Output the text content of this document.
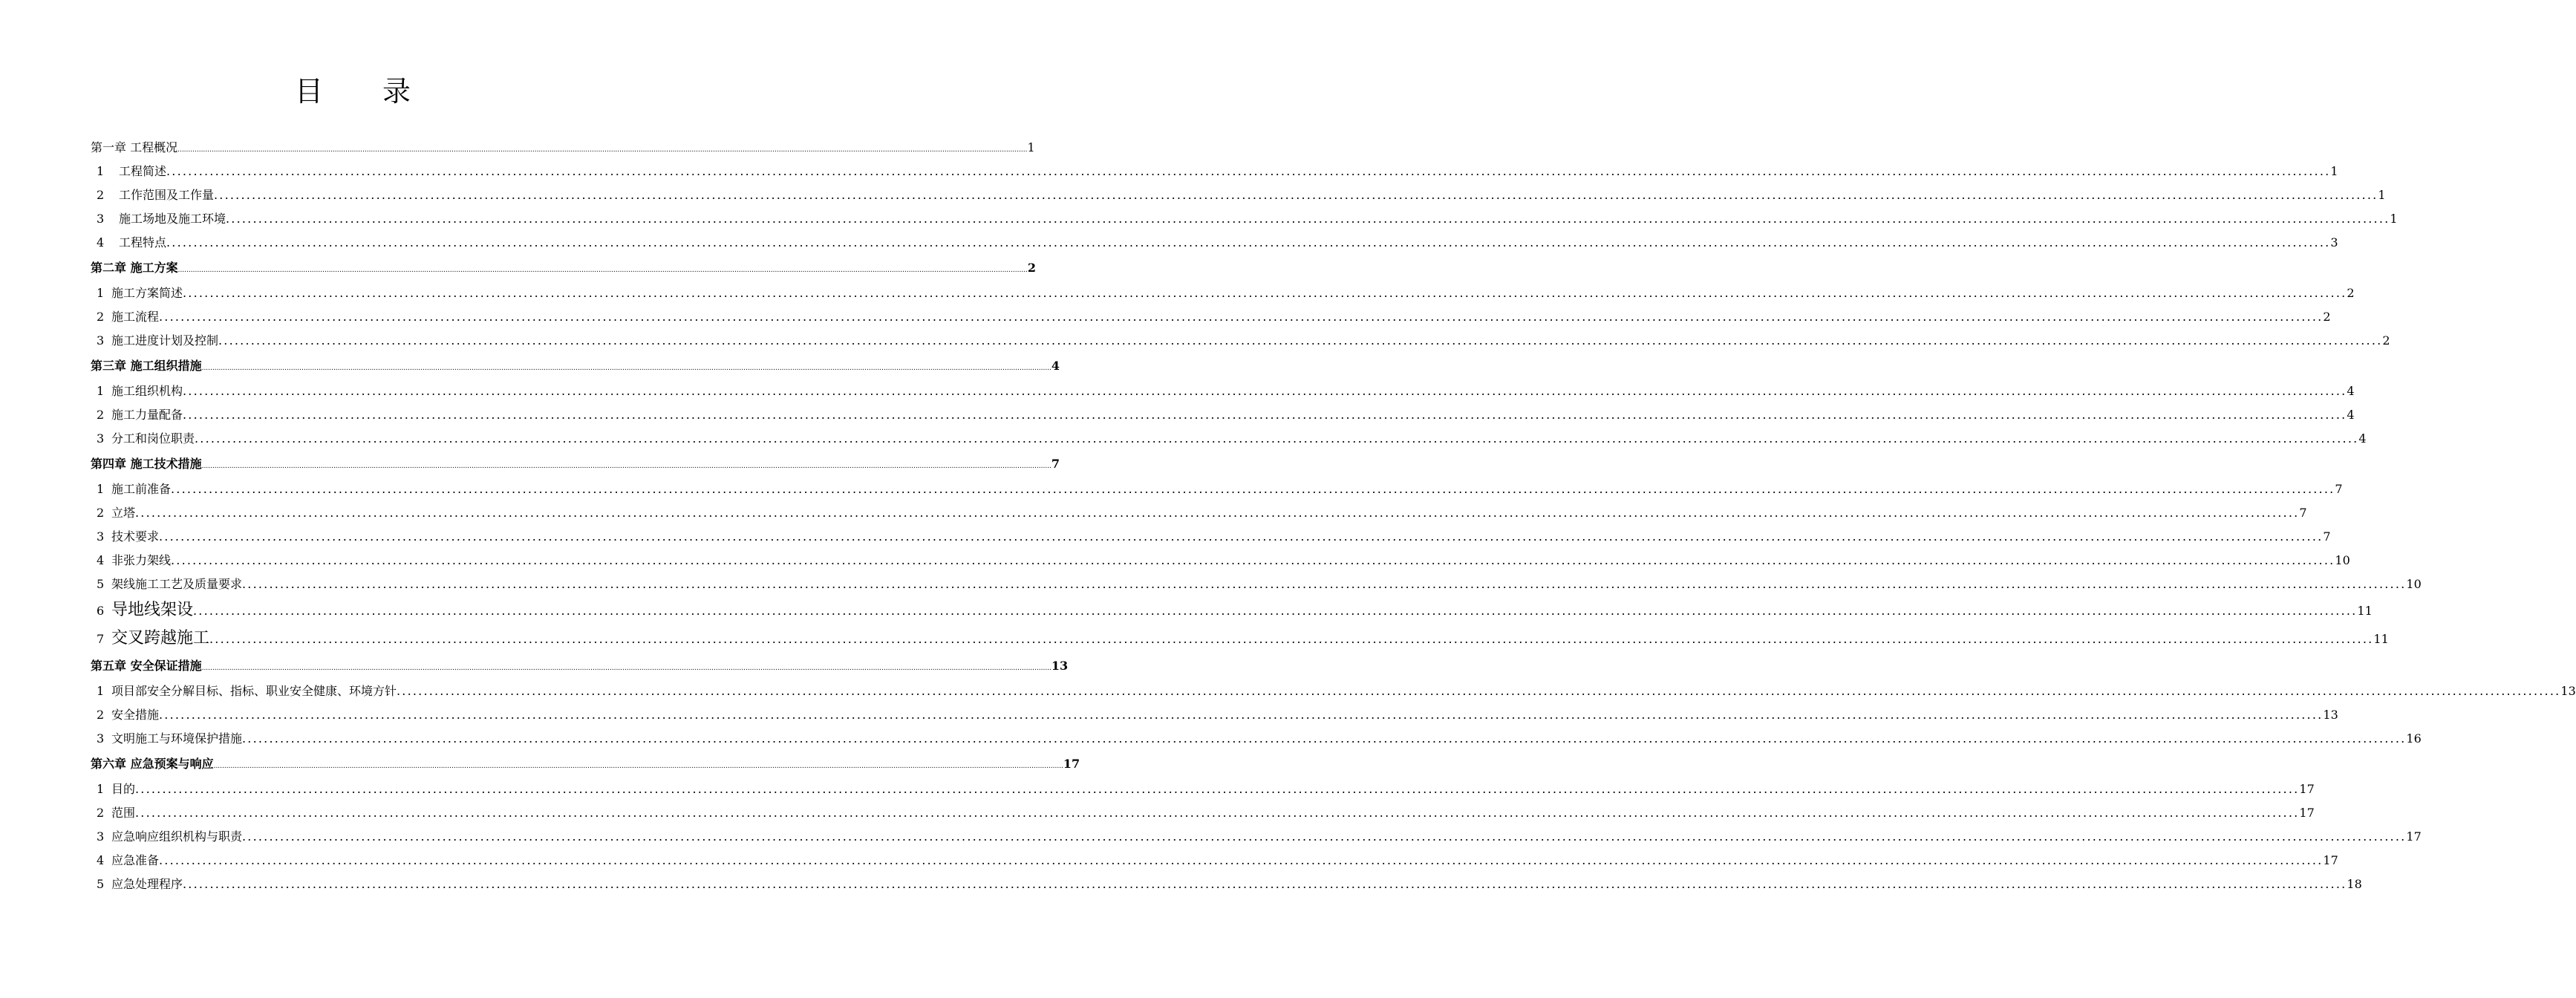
目 录
第一章 工程概况 ................................................................................................................................................................................................................................................................................................................................................................................................................ 1
1 工程简述 ................................................................................................................................................................................................................................................................................................................................................................................................................ 1
2 工作范围及工作量 ................................................................................................................................................................................................................................................................................................................................................................................................................ 1
3 施工场地及施工环境 ................................................................................................................................................................................................................................................................................................................................................................................................................ 1
4 工程特点 ................................................................................................................................................................................................................................................................................................................................................................................................................ 3
第二章 施工方案 ................................................................................................................................................................................................................................................................................................................................................................................................................ 2
1 施工方案简述 ................................................................................................................................................................................................................................................................................................................................................................................................................ 2
2 施工流程 ................................................................................................................................................................................................................................................................................................................................................................................................................ 2
3 施工进度计划及控制 ................................................................................................................................................................................................................................................................................................................................................................................................................ 2
第三章 施工组织措施 ................................................................................................................................................................................................................................................................................................................................................................................................................ 4
1 施工组织机构 ................................................................................................................................................................................................................................................................................................................................................................................................................ 4
2 施工力量配备 ................................................................................................................................................................................................................................................................................................................................................................................................................ 4
3 分工和岗位职责 ................................................................................................................................................................................................................................................................................................................................................................................................................ 4
第四章 施工技术措施 ................................................................................................................................................................................................................................................................................................................................................................................................................ 7
1 施工前准备 ................................................................................................................................................................................................................................................................................................................................................................................................................ 7
2 立塔 ................................................................................................................................................................................................................................................................................................................................................................................................................ 7
3 技术要求 ................................................................................................................................................................................................................................................................................................................................................................................................................ 7
4 非张力架线 ................................................................................................................................................................................................................................................................................................................................................................................................................ 10
5 架线施工工艺及质量要求 ................................................................................................................................................................................................................................................................................................................................................................................................................ 10
6 导地线架设 ................................................................................................................................................................................................................................................................................................................................................................................................................ 11
7 交叉跨越施工 ................................................................................................................................................................................................................................................................................................................................................................................................................ 11
第五章 安全保证措施 ................................................................................................................................................................................................................................................................................................................................................................................................................ 13
1 项目部安全分解目标、指标、职业安全健康、环境方针 ................................................................................................................................................................................................................................................................................................................................................................................................................ 13
2 安全措施 ................................................................................................................................................................................................................................................................................................................................................................................................................ 13
3 文明施工与环境保护措施 ................................................................................................................................................................................................................................................................................................................................................................................................................ 16
第六章 应急预案与响应 ................................................................................................................................................................................................................................................................................................................................................................................................................ 17
1 目的 ................................................................................................................................................................................................................................................................................................................................................................................................................ 17
2 范围 ................................................................................................................................................................................................................................................................................................................................................................................................................ 17
3 应急响应组织机构与职责 ................................................................................................................................................................................................................................................................................................................................................................................................................ 17
4 应急准备 ................................................................................................................................................................................................................................................................................................................................................................................................................ 17
5 应急处理程序 ................................................................................................................................................................................................................................................................................................................................................................................................................ 18
